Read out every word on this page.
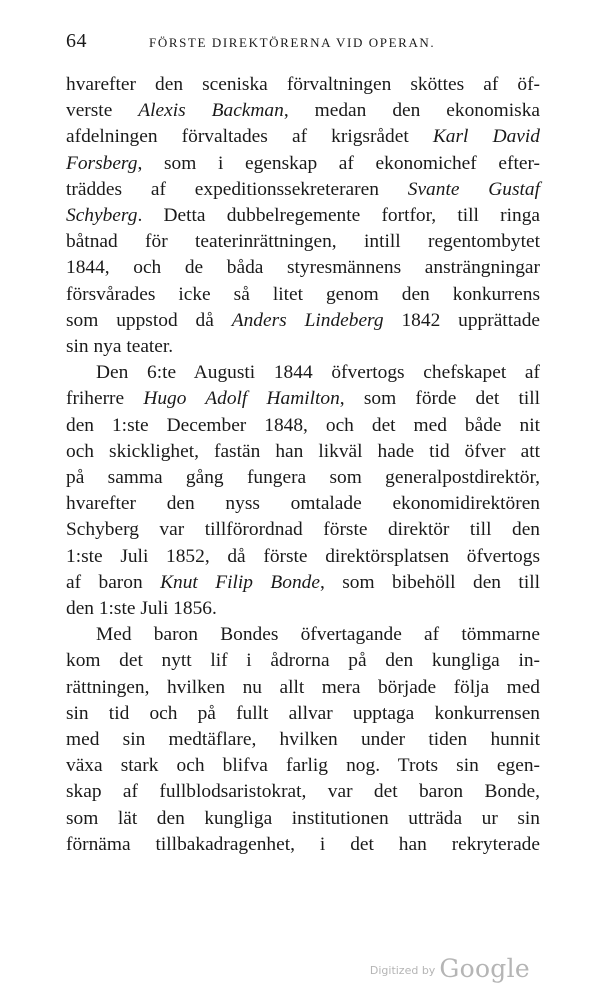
64	FÖRSTE DIREKTÖRERNA VID OPERAN.
hvarefter den sceniska förvaltningen sköttes af öf-
verste Alexis Backman, medan den ekonomiska
afdelningen förvaltades af krigsrådet Karl David
Forsberg, som i egenskap af ekonomichef efter-
träddes af expeditionssekreteraren Svante Gustaf
Schyberg. Detta dubbelregemente fortfor, till ringa
båtnad för teaterinrättningen, intill regentombytet
1844, och de båda styresmännens ansträngningar
försvårades icke så litet genom den konkurrens
som uppstod då Anders Lindeberg 1842 upprättade
sin nya teater.
Den 6:te Augusti 1844 öfvertogs chefskapet af
friherre Hugo Adolf Hamilton, som förde det till
den 1:ste December 1848, och det med både nit
och skicklighet, fastän han likväl hade tid öfver att
på samma gång fungera som generalpostdirektör,
hvarefter den nyss omtalade ekonomidirektören
Schyberg var tillförordnad förste direktör till den
1:ste Juli 1852, då förste direktörsplatsen öfvertogs
af baron Knut Filip Bonde, som bibehöll den till
den 1:ste Juli 1856.
Med baron Bondes öfvertagande af tömmarne
kom det nytt lif i ådrorna på den kungliga in-
rättningen, hvilken nu allt mera började följa med
sin tid och på fullt allvar upptaga konkurrensen
med sin medtäflare, hvilken under tiden hunnit
växa stark och blifva farlig nog. Trots sin egen-
skap af fullblodsaristokrat, var det baron Bonde,
som lät den kungliga institutionen utträda ur sin
förnäma tillbakadragenhet, i det han rekryterade
Digitized by Google
